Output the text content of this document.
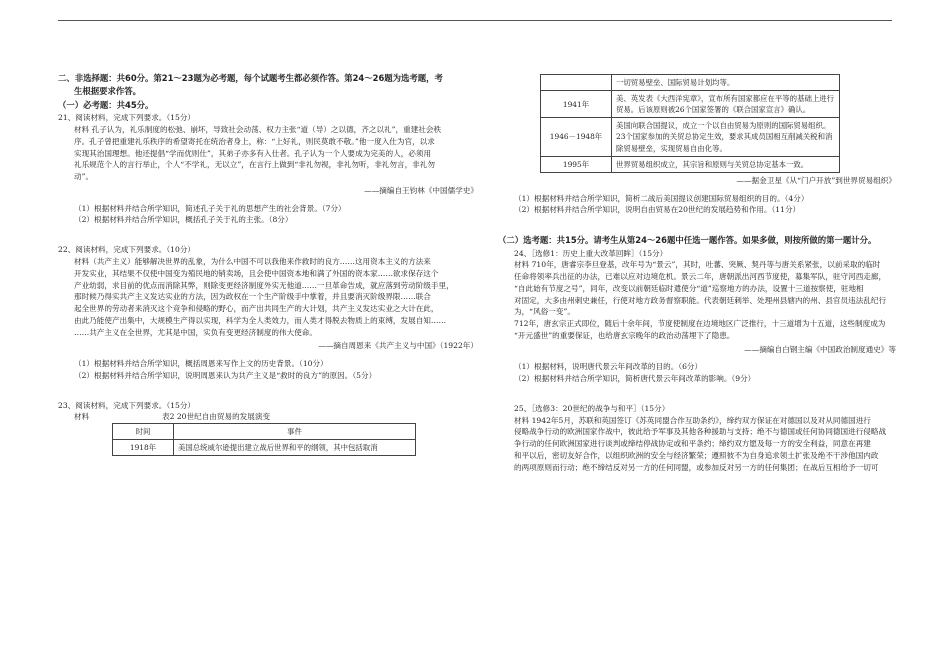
二、非选择题：共60分。第21～23题为必考题，每个试题考生都必须作答。第24～26题为选考题，考
生根据要求作答。
（一）必考题：共45分。

21、阅读材料，完成下列要求。（15分）

材料 孔子认为，礼乐制度的松弛、崩坏，导致社会动荡、权力主张“道（导）之以德，齐之以礼”，重建社会秩

序。孔子曾把重建礼乐秩序的希望寄托在统治者身上，称：“上好礼，则民莫敢不敬。”他一度入仕为官，以求

实现其治国理想。他还提倡“学而优则仕”，其弟子亦多有入仕者。孔子认为一个人要成为完美的人，必须用

礼乐规范个人的言行举止，个人“不学礼，无以立”，在言行上做到“非礼勿视，非礼勿听，非礼勿言，非礼勿

动”。

——摘编自王钧林《中国儒学史》

（1）根据材料并结合所学知识，简述孔子关于礼的思想产生的社会背景。（7分）

（2）根据材料并结合所学知识，概括孔子关于礼的主张。（8分）

22、阅读材料，完成下列要求。（10分）

材料（共产主义）能够解决世界的乱象，为什么中国不可以我他来作救时的良方……这用资本主义的方法来

开发实业，其结果不仅使中国变为殖民地的销卖场，且会使中国资本地和满了外国的资本家……欲求保存这个

产业幼弱，求目前的优点而消除其弊，则除变更经济制度外实无他道……一旦革命告成，就应落到劳动阶级手里，

那时候乃得实共产主义发达实业的方法，因为政权在一个生产阶级手中掌着，并且要消灭阶级界限……联合

起全世界的劳动者来消灭这个竞争和侵略的野心，而产出共同生产的大计划，共产主义发达实业之大计在此，

由此乃能使产出集中，大规模生产得以实现，科学为全人类效力，而人类才得脱去物质上的束缚，发展自知……

……共产主义在全世界，尤其是中国，实负有变更经济制度的伟大使命。

——摘自周恩来《共产主义与中国》（1922年）

（1）根据材料并结合所学知识，概括周恩来写作上文的历史背景。（10分）

（2）根据材料并结合所学知识，说明周恩来认为共产主义是“救时的良方”的原因。（5分）

23、阅读材料，完成下列要求。（15分）

材料	表2 20世纪自由贸易的发展演变
时间	事件
1918年	美国总统威尔逊提出建立战后世界和平的纲领，其中包括取消
	一切贸易壁垒、国际贸易计划均等。
1941年	美、英发表《大西洋宪章》，宣布所有国家都应在平等的基础上进行贸易。后该原则被26个国家签署的《联合国家宣言》确认。
1946－1948年	美国向联合国提议，成立一个以自由贸易为原则的国际贸易组织。23个国家参加的关贸总协定生效，要求其成员国相互削减关税和消除贸易壁垒，实现贸易自由化等。
1995年	世界贸易组织成立，其宗旨和原则与关贸总协定基本一致。

——据金卫星《从“门户开放”到世界贸易组织》

（1）根据材料并结合所学知识，简析二战后美国提议创建国际贸易组织的目的。（4分）

（2）根据材料并结合所学知识，说明自由贸易在20世纪的发展趋势和作用。（11分）

（二）选考题：共15分。请考生从第24～26题中任选一题作答。如果多做，则按所做的第一题计分。

24、［选修1：历史上重大改革回眸］（15分）

材料 710年，唐睿宗李旦登基，改年号为“景云”，其时，吐蕃、突厥、契丹等与唐关系紧张，以前采取的临时

任命将领率兵出征的办法，已难以应对边境危机。景云二年，唐朝派出河西节度使，募集军队，驻守河西走廊，

“自此始有节度之号”，同年，改变以前朝廷临时遣使分“道”巡察地方的办法，设置十三道按察使，驻地相

对固定，大多由州刺史兼任，行使对地方政务督察职能。代表朝廷刺举、处理州县辖内的州、县官员违法乱纪行为，“风俗一变”。

712年，唐玄宗正式即位，随后十余年间，节度使制度在边境地区广泛推行，十三道增为十五道，这些制度成为

“开元盛世”的重要保证，也给唐玄宗晚年的政治动荡埋下了隐患。

——摘编自白钢主编《中国政治制度通史》等

（1）根据材料，说明唐代景云年间改革的目的。（6分）

（2）根据材料并结合所学知识，简析唐代景云年间改革的影响。（9分）

25、［选修3：20世纪的战争与和平］（15分）

材料 1942年5月，苏联和英国签订《苏英同盟合作互助条约》，缔约双方保证在对德国以及对从同德国进行

侵略战争行动的欧洲国家作战中，彼此给予军事及其他各种援助与支持；绝不与德国或任何协同德国进行侵略战

争行动的任何欧洲国家进行谈判或缔结停战协定或和平条约；缔约双方愿及每一方的安全利益，同意在再建

和平以后，密切友好合作，以组织欧洲的安全与经济繁荣；遵照彼不为自身追求领土扩张及绝不干涉他国内政

的两项原则而行动；绝不缔结反对另一方的任何同盟，或参加反对另一方的任何集团；在战后互相给予一切可
